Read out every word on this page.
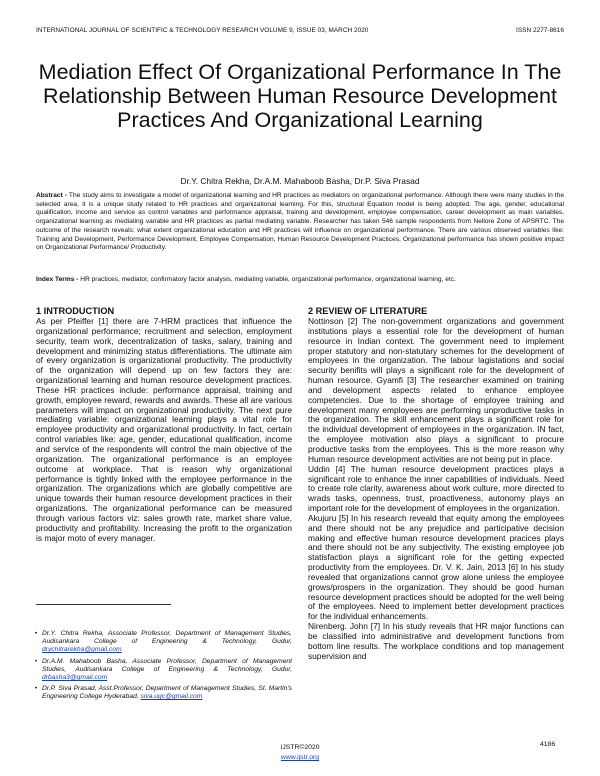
INTERNATIONAL JOURNAL OF SCIENTIFIC & TECHNOLOGY RESEARCH VOLUME 9, ISSUE 03, MARCH 2020	ISSN 2277-8616
Mediation Effect Of Organizational Performance In The Relationship Between Human Resource Development Practices And Organizational Learning
Dr.Y. Chitra Rekha, Dr.A.M. Mahaboob Basha, Dr.P. Siva Prasad
Abstract - The study aims to investigate a model of organizational learning and HR practices as mediators on organizational performance. Although there were many studies in the selected area, it is a unique study related to HR practices and organizational learning. For this, structural Equation model is being adopted. The age, gender, educational qualification, income and service as control variables and performance appraisal, training and development, employee compensation, career development as main variables, organizational learning as mediating variable and HR practices as partial mediating variable. Researcher has taken 546 sample respondents from Nellore Zone of APSRTC. The outcome of the research reveals: what extent organizational education and HR practices will influence on organizational performance. There are various observed variables like: Training and Development, Performance Development, Employee Compensation, Human Resource Development Practices, Organizational performance has shown positive impact on Organizational Performance/ Productivity.
Index Terms - HR practices, mediator, confirmatory factor analysis, mediating variable, organizational performance, organizational learning, etc.
1 INTRODUCTION

As per Pfeiffer [1] there are 7-HRM practices that influence the organizational performance; recruitment and selection, employment security, team work, decentralization of tasks, salary, training and development and minimizing status differentiations. The ultimate aim of every organization is organizational productivity. The productivity of the organization will depend up on few factors they are: organizational learning and human resource development practices. These HR practices include: performance appraisal, training and growth, employee reward, rewards and awards. These all are various parameters will impact on organizational productivity. The next pure mediating variable: organizational learning plays a vital role for employee productivity and organizational productivity. In fact, certain control variables like: age, gender, educational qualification, income and service of the respondents will control the main objective of the organization. The organizational performance is an employee outcome at workplace. That is reason why organizational performance is tightly linked with the employee performance in the organization. The organizations which are globally competitive are unique towards their human resource development practices in their organizations. The organizational performance can be measured through various factors viz: sales growth rate, market share value, productivity and profitability. Increasing the profit to the organization is major moto of every manager.

• Dr.Y. Chitra Rekha, Associate Professor, Department of Management Studies, Audisankara College of Engineering & Technology, Gudur, drychitrarekha@gmail.com
• Dr.A.M. Mahaboob Basha, Associate Professor, Department of Management Studies, Audisankara College of Engineering & Technology, Gudur, drbasha3@gmail.com
• Dr.P. Siva Prasad, Asst.Professor, Department of Management Studies, St. Martin's Engineering College Hyderabad, siva.ugc@gmail.com
2 REVIEW OF LITERATURE

Nottinson [2] The non-government organizations and government institutions plays a essential role for the development of human resource in Indian context. The government need to implement proper statutory and non-statutary schemes for the development of employees in the organization. The labour lagistations and social security benifits will plays a significant role for the development of human resource. Gyamfi [3] The researcher examined on training and development aspects related to enhance employee competencies. Due to the shortage of employee training and development many employees are performing unproductive tasks in the organization. The skill enhancement plays a significant role for the individual development of employees in the organization. IN fact, the employee motivation also plays a significant to procure productive tasks from the employees. This is the more reason why Human resource development activities are not being put in place.

Uddin [4] The human resource development practices plays a significant role to enhance the inner capabilities of individuals. Need to create role clarity, awareness about work culture, more directed to wrads tasks, openness, trust, proactiveness, autonomy plays an important role for the development of employees in the organization.

Akujuru [5] In his research reveald that equity among the employees and there should not be any prejudice and participative decision making and effective human resource development pracices plays and there should not be any subjectivity. The existing employee job statisfaction plays a significant role for the getting expected productivity from the employees. Dr. V. K. Jain, 2013 [6] In his study revealed that organizations cannot grow alone unless the employee grows/prospers in the organization. They should be good human resource development practices should be adopted for the well being of the employees. Need to implement better development practices for the individual enhancements.

Nirenberg. John [7] In his study reveals that HR major functions can be classified into administrative and development functions from bottom line results. The workplace conditions and top management supervision and

4186
IJSTR©2020
www.ijstr.org
